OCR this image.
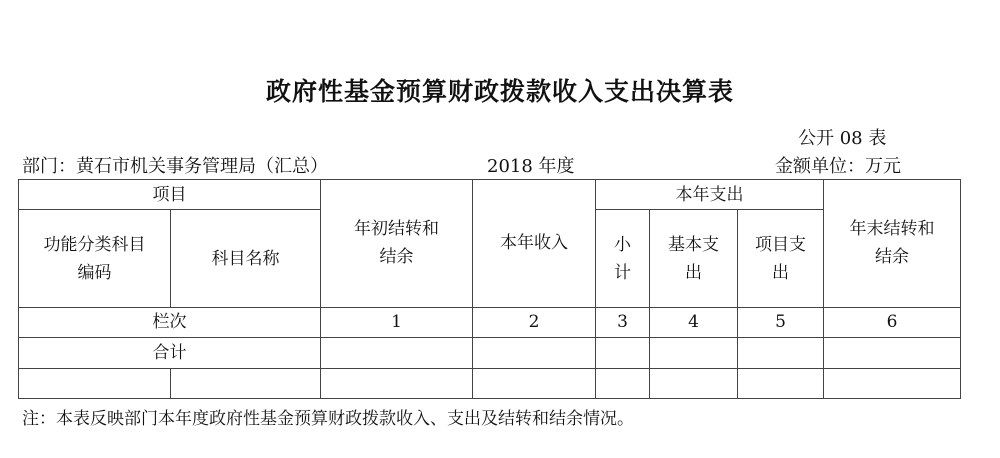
政府性基金预算财政拨款收入支出决算表
公开 08 表
部门：黄石市机关事务管理局（汇总）	2018 年度	金额单位：万元
项目		年初结转和结余	本年收入	本年支出			年末结转和结余

功能分类科目编码	科目名称			小计	基本支出	项目支出	

栏次		1	2	3	4	5	6
合计							

注：本表反映部门本年度政府性基金预算财政拨款收入、支出及结转和结余情况。
